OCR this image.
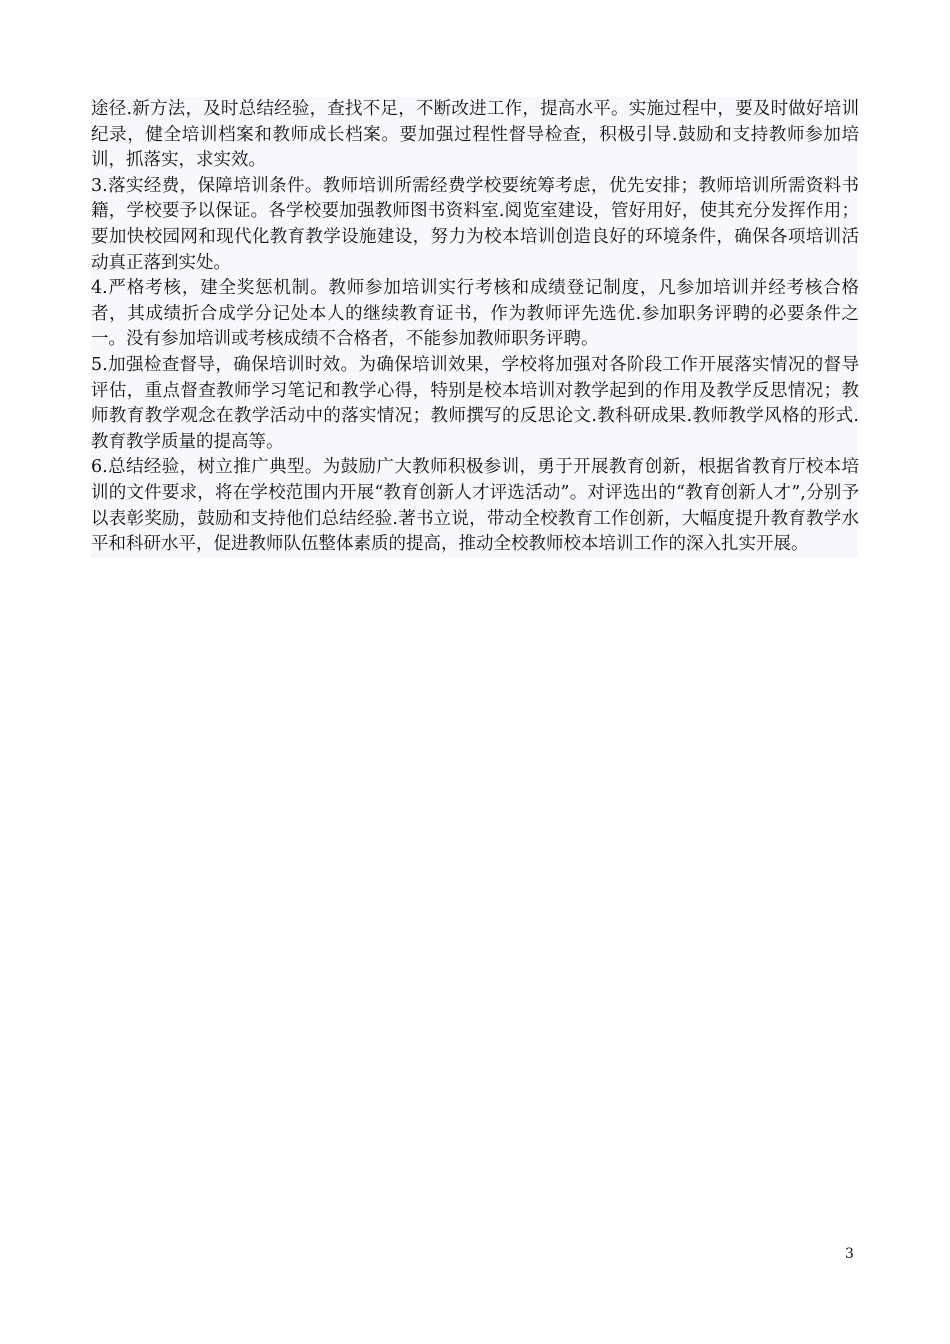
途径.新方法，及时总结经验，查找不足，不断改进工作，提高水平。实施过程中，要及时做好培训纪录，健全培训档案和教师成长档案。要加强过程性督导检查，积极引导.鼓励和支持教师参加培训，抓落实，求实效。

3.落实经费，保障培训条件。教师培训所需经费学校要统筹考虑，优先安排；教师培训所需资料书籍，学校要予以保证。各学校要加强教师图书资料室.阅览室建设，管好用好，使其充分发挥作用；要加快校园网和现代化教育教学设施建设，努力为校本培训创造良好的环境条件，确保各项培训活动真正落到实处。

4.严格考核，建全奖惩机制。教师参加培训实行考核和成绩登记制度，凡参加培训并经考核合格者，其成绩折合成学分记处本人的继续教育证书，作为教师评先选优.参加职务评聘的必要条件之一。没有参加培训或考核成绩不合格者，不能参加教师职务评聘。

5.加强检查督导，确保培训时效。为确保培训效果，学校将加强对各阶段工作开展落实情况的督导评估，重点督查教师学习笔记和教学心得，特别是校本培训对教学起到的作用及教学反思情况；教师教育教学观念在教学活动中的落实情况；教师撰写的反思论文.教科研成果.教师教学风格的形式.教育教学质量的提高等。

6.总结经验，树立推广典型。为鼓励广大教师积极参训，勇于开展教育创新，根据省教育厅校本培训的文件要求，将在学校范围内开展“教育创新人才评选活动”。对评选出的“教育创新人才”,分别予以表彰奖励，鼓励和支持他们总结经验.著书立说，带动全校教育工作创新，大幅度提升教育教学水平和科研水平，促进教师队伍整体素质的提高，推动全校教师校本培训工作的深入扎实开展。

3
